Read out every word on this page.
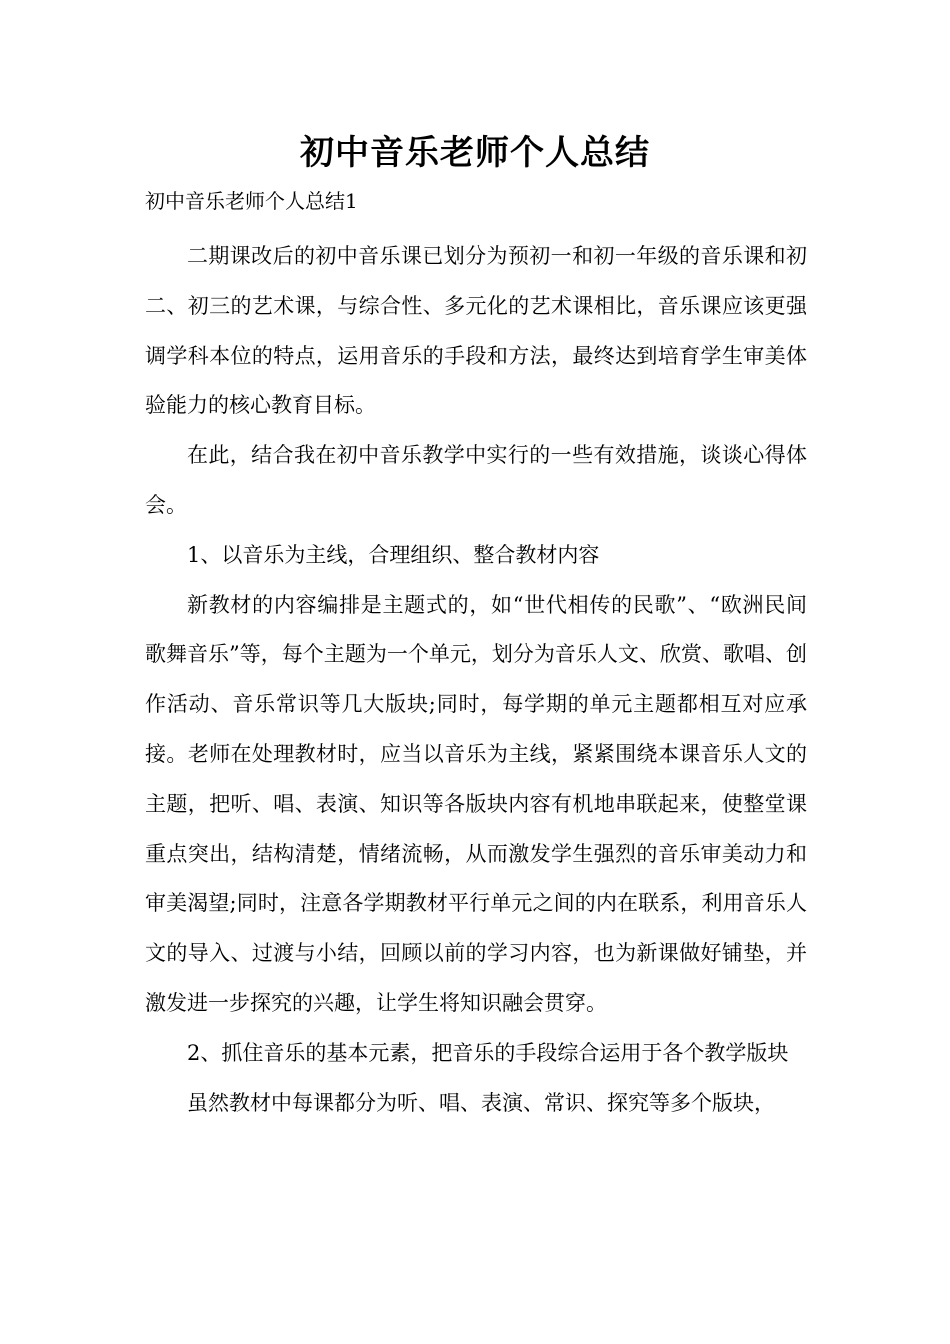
初中音乐老师个人总结
初中音乐老师个人总结1

二期课改后的初中音乐课已划分为预初一和初一年级的音乐课和初二、初三的艺术课，与综合性、多元化的艺术课相比，音乐课应该更强调学科本位的特点，运用音乐的手段和方法，最终达到培育学生审美体验能力的核心教育目标。

在此，结合我在初中音乐教学中实行的一些有效措施，谈谈心得体会。

1、以音乐为主线，合理组织、整合教材内容

新教材的内容编排是主题式的，如“世代相传的民歌”、“欧洲民间歌舞音乐”等，每个主题为一个单元，划分为音乐人文、欣赏、歌唱、创作活动、音乐常识等几大版块;同时，每学期的单元主题都相互对应承接。老师在处理教材时，应当以音乐为主线，紧紧围绕本课音乐人文的主题，把听、唱、表演、知识等各版块内容有机地串联起来，使整堂课重点突出，结构清楚，情绪流畅，从而激发学生强烈的音乐审美动力和审美渴望;同时，注意各学期教材平行单元之间的内在联系，利用音乐人文的导入、过渡与小结，回顾以前的学习内容，也为新课做好铺垫，并激发进一步探究的兴趣，让学生将知识融会贯穿。

2、抓住音乐的基本元素，把音乐的手段综合运用于各个教学版块

虽然教材中每课都分为听、唱、表演、常识、探究等多个版块，
